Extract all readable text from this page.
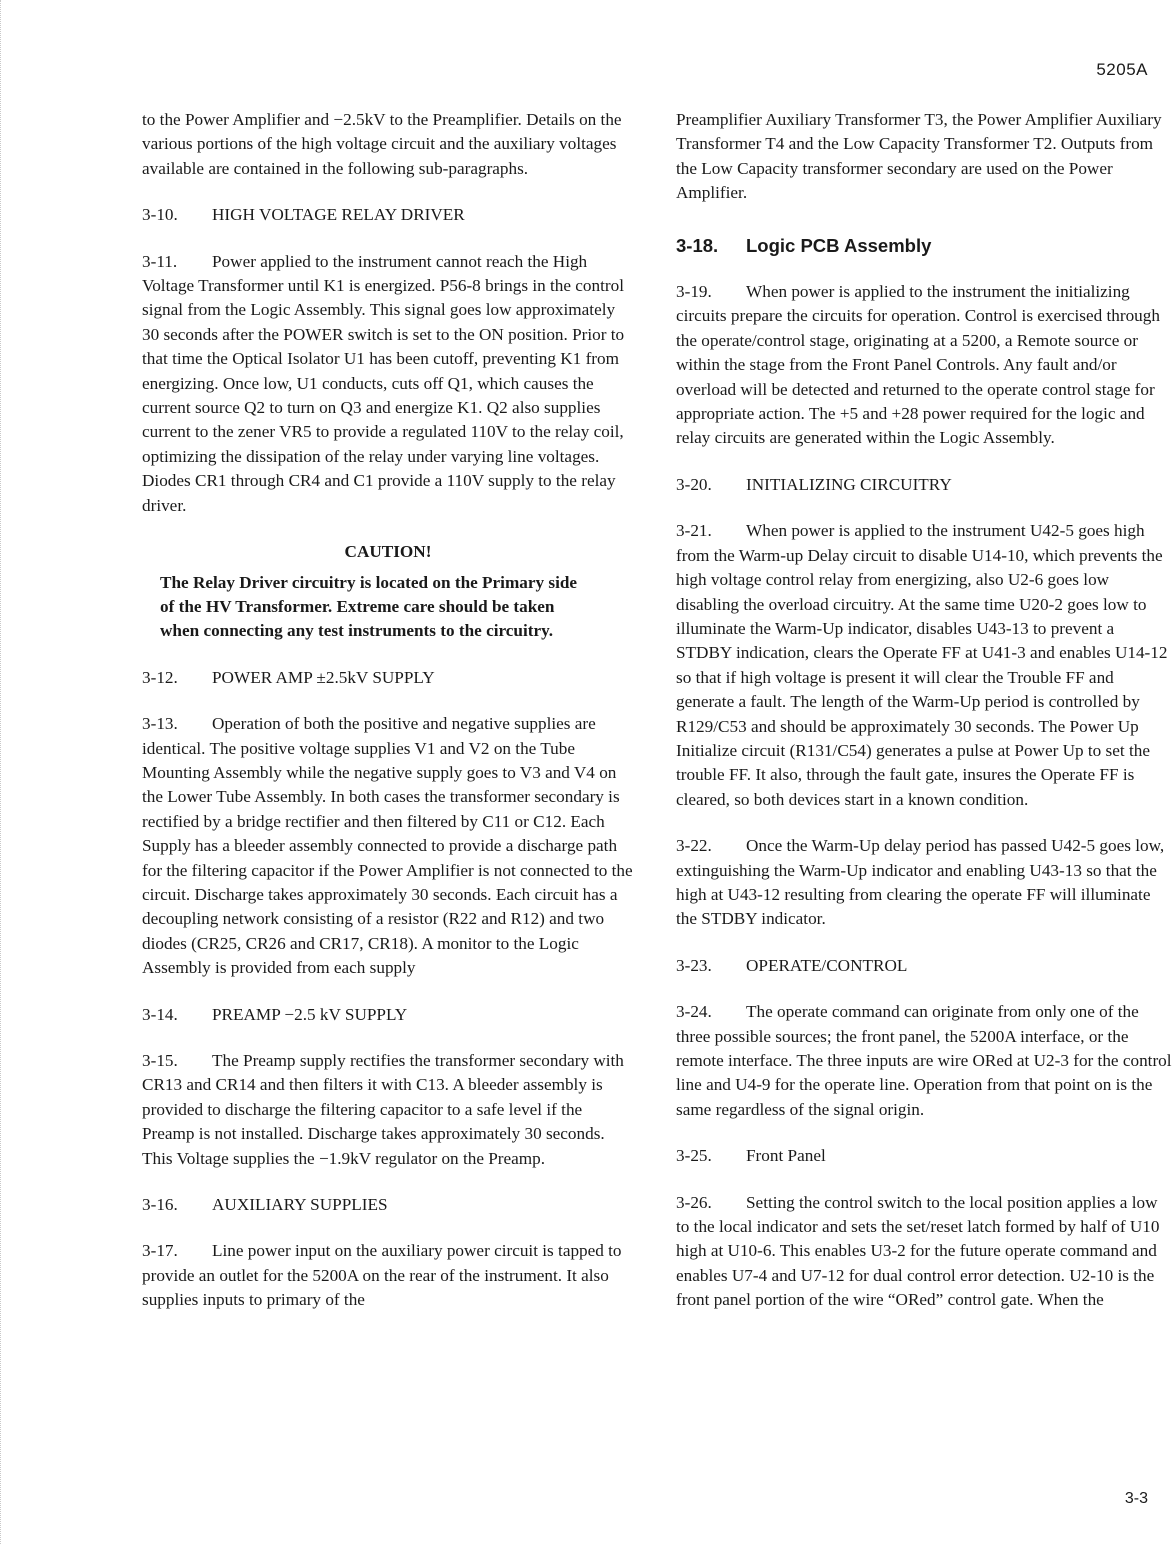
5205A

to the Power Amplifier and −2.5kV to the Preamplifier. Details on the various portions of the high voltage circuit and the auxiliary voltages available are contained in the following sub-paragraphs.

3-10. HIGH VOLTAGE RELAY DRIVER

3-11. Power applied to the instrument cannot reach the High Voltage Transformer until K1 is energized. P56-8 brings in the control signal from the Logic Assembly. This signal goes low approximately 30 seconds after the POWER switch is set to the ON position. Prior to that time the Optical Isolator U1 has been cutoff, preventing K1 from energizing. Once low, U1 conducts, cuts off Q1, which causes the current source Q2 to turn on Q3 and energize K1. Q2 also supplies current to the zener VR5 to provide a regulated 110V to the relay coil, optimizing the dissipation of the relay under varying line voltages. Diodes CR1 through CR4 and C1 provide a 110V supply to the relay driver.

CAUTION!
The Relay Driver circuitry is located on the Primary side of the HV Transformer. Extreme care should be taken when connecting any test instruments to the circuitry.
3-12. POWER AMP ±2.5kV SUPPLY

3-13. Operation of both the positive and negative supplies are identical. The positive voltage supplies V1 and V2 on the Tube Mounting Assembly while the negative supply goes to V3 and V4 on the Lower Tube Assembly. In both cases the transformer secondary is rectified by a bridge rectifier and then filtered by C11 or C12. Each Supply has a bleeder assembly connected to provide a discharge path for the filtering capacitor if the Power Amplifier is not connected to the circuit. Discharge takes approximately 30 seconds. Each circuit has a decoupling network consisting of a resistor (R22 and R12) and two diodes (CR25, CR26 and CR17, CR18). A monitor to the Logic Assembly is provided from each supply

3-14. PREAMP −2.5 kV SUPPLY

3-15. The Preamp supply rectifies the transformer secondary with CR13 and CR14 and then filters it with C13. A bleeder assembly is provided to discharge the filtering capacitor to a safe level if the Preamp is not installed. Discharge takes approximately 30 seconds. This Voltage supplies the −1.9kV regulator on the Preamp.

3-16. AUXILIARY SUPPLIES

3-17. Line power input on the auxiliary power circuit is tapped to provide an outlet for the 5200A on the rear of the instrument. It also supplies inputs to primary of the

Preamplifier Auxiliary Transformer T3, the Power Amplifier Auxiliary Transformer T4 and the Low Capacity Transformer T2. Outputs from the Low Capacity transformer secondary are used on the Power Amplifier.

3-18. Logic PCB Assembly

3-19. When power is applied to the instrument the initializing circuits prepare the circuits for operation. Control is exercised through the operate/control stage, originating at a 5200, a Remote source or within the stage from the Front Panel Controls. Any fault and/or overload will be detected and returned to the operate control stage for appropriate action. The +5 and +28 power required for the logic and relay circuits are generated within the Logic Assembly.

3-20. INITIALIZING CIRCUITRY

3-21. When power is applied to the instrument U42-5 goes high from the Warm-up Delay circuit to disable U14-10, which prevents the high voltage control relay from energizing, also U2-6 goes low disabling the overload circuitry. At the same time U20-2 goes low to illuminate the Warm-Up indicator, disables U43-13 to prevent a STDBY indication, clears the Operate FF at U41-3 and enables U14-12 so that if high voltage is present it will clear the Trouble FF and generate a fault. The length of the Warm-Up period is controlled by R129/C53 and should be approximately 30 seconds. The Power Up Initialize circuit (R131/C54) generates a pulse at Power Up to set the trouble FF. It also, through the fault gate, insures the Operate FF is cleared, so both devices start in a known condition.

3-22. Once the Warm-Up delay period has passed U42-5 goes low, extinguishing the Warm-Up indicator and enabling U43-13 so that the high at U43-12 resulting from clearing the operate FF will illuminate the STDBY indicator.

3-23. OPERATE/CONTROL

3-24. The operate command can originate from only one of the three possible sources; the front panel, the 5200A interface, or the remote interface. The three inputs are wire ORed at U2-3 for the control line and U4-9 for the operate line. Operation from that point on is the same regardless of the signal origin.

3-25. Front Panel

3-26. Setting the control switch to the local position applies a low to the local indicator and sets the set/reset latch formed by half of U10 high at U10-6. This enables U3-2 for the future operate command and enables U7-4 and U7-12 for dual control error detection. U2-10 is the front panel portion of the wire “ORed” control gate. When the

3-3
